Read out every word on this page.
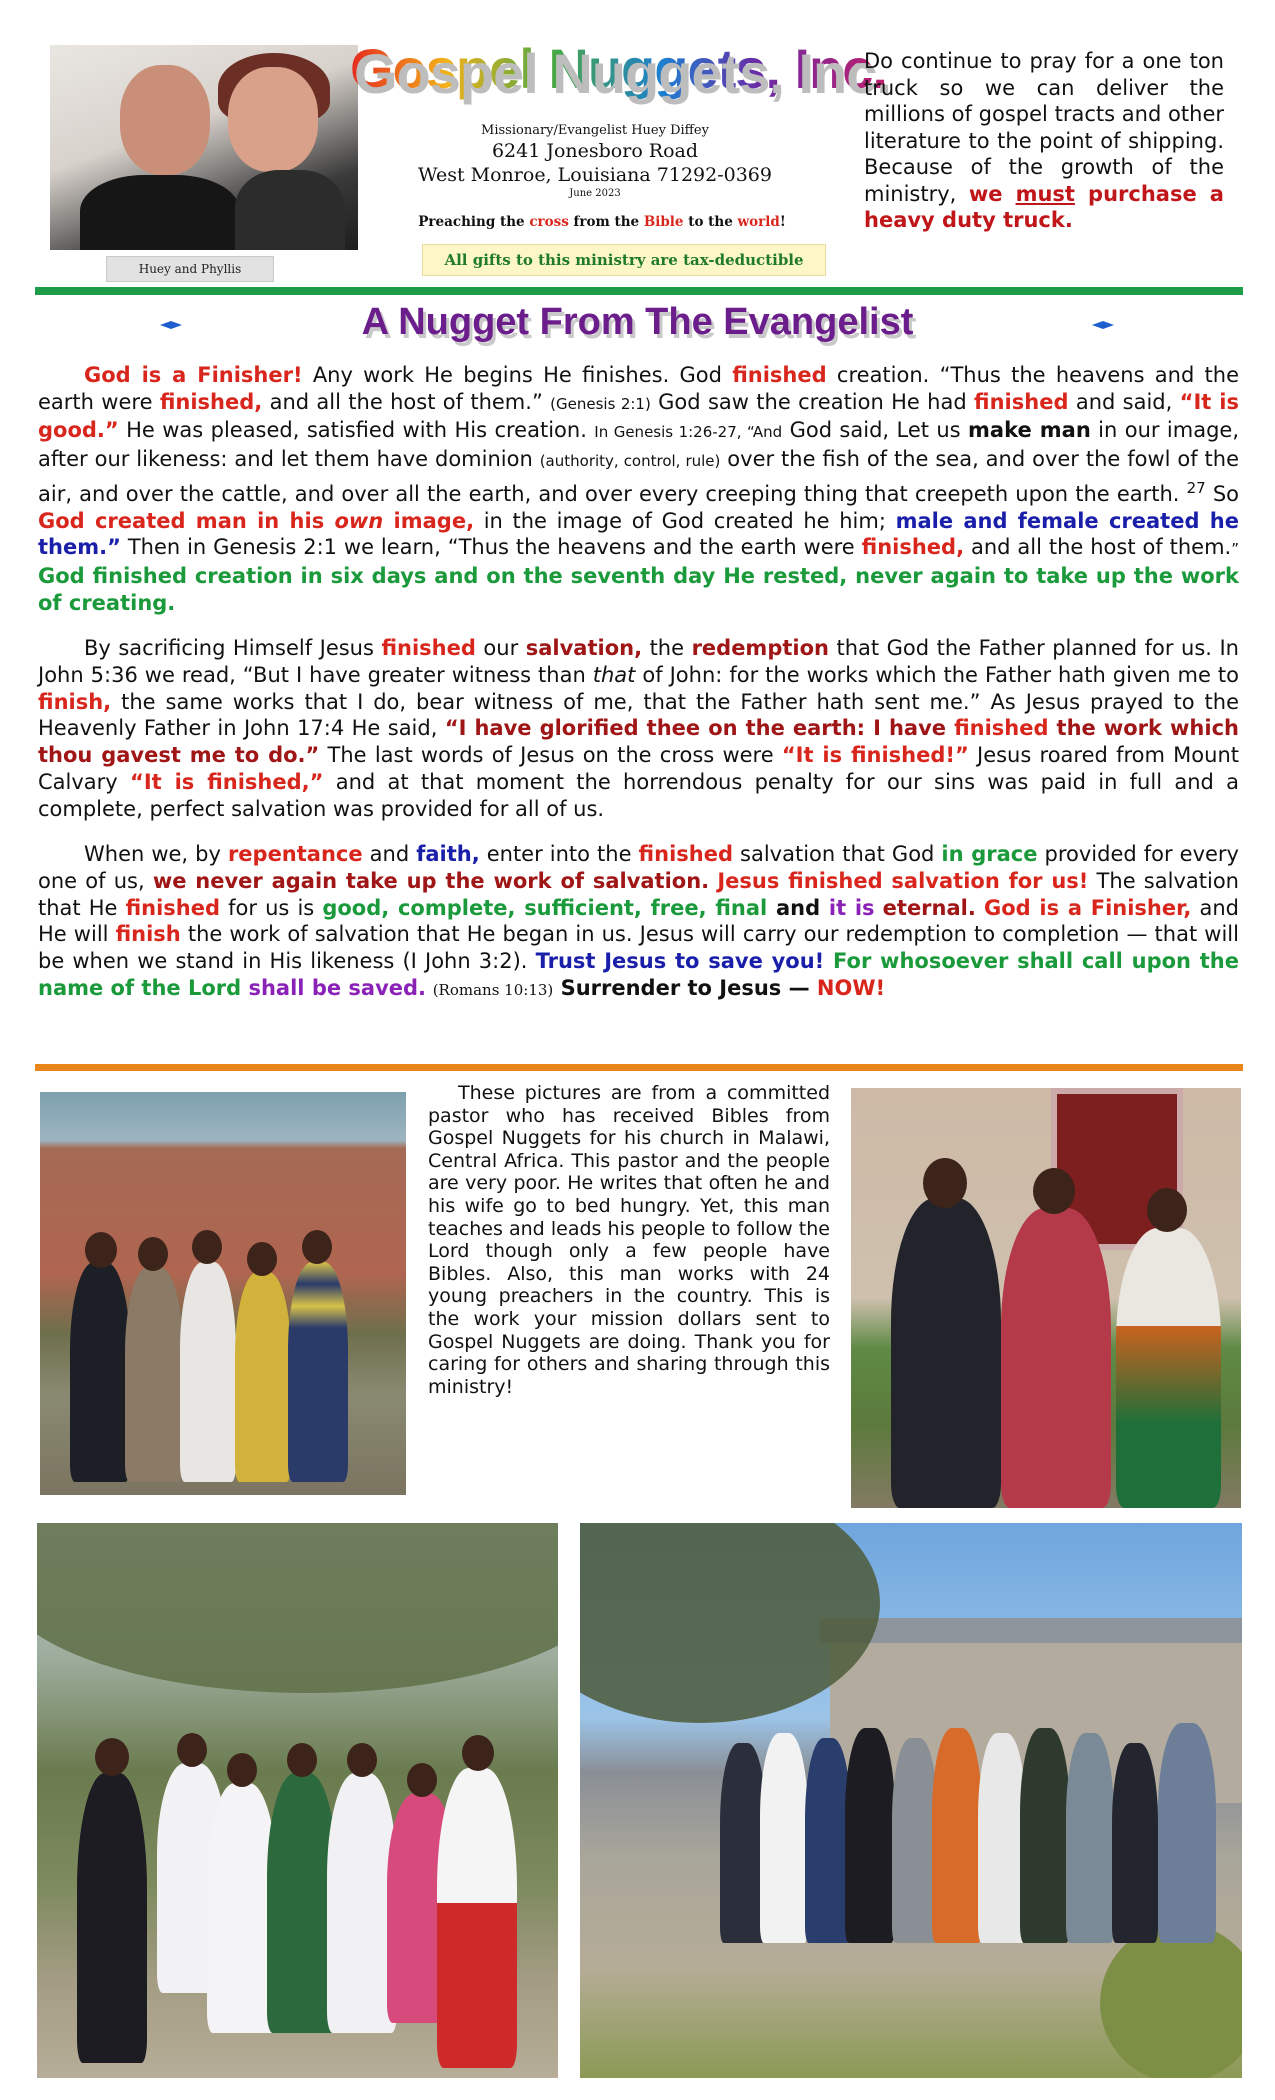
Huey and Phyllis
Gospel Nuggets, Inc.
Missionary/Evangelist Huey Diffey
6241 Jonesboro Road
West Monroe, Louisiana 71292-0369
June 2023
Preaching the cross from the Bible to the world!
All gifts to this ministry are tax-deductible
Do continue to pray for a one ton truck so we can deliver the millions of gospel tracts and other literature to the point of shipping. Because of the growth of the ministry, we must purchase a heavy duty truck.
A Nugget From The Evangelist

God is a Finisher! Any work He begins He finishes. God finished creation. “Thus the heavens and the earth were finished, and all the host of them.” (Genesis 2:1) God saw the creation He had finished and said, “It is good.” He was pleased, satisfied with His creation. In Genesis 1:26-27, “And God said, Let us make man in our image, after our likeness: and let them have dominion (authority, control, rule) over the fish of the sea, and over the fowl of the air, and over the cattle, and over all the earth, and over every creeping thing that creepeth upon the earth. $^{27}$ So God created man in his own image, in the image of God created he him; male and female created he them.” Then in Genesis 2:1 we learn, “Thus the heavens and the earth were finished, and all the host of them.” God finished creation in six days and on the seventh day He rested, never again to take up the work of creating.

By sacrificing Himself Jesus finished our salvation, the redemption that God the Father planned for us. In John 5:36 we read, “But I have greater witness than that of John: for the works which the Father hath given me to finish, the same works that I do, bear witness of me, that the Father hath sent me.” As Jesus prayed to the Heavenly Father in John 17:4 He said, “I have glorified thee on the earth: I have finished the work which thou gavest me to do.” The last words of Jesus on the cross were “It is finished!” Jesus roared from Mount Calvary “It is finished,” and at that moment the horrendous penalty for our sins was paid in full and a complete, perfect salvation was provided for all of us.

When we, by repentance and faith, enter into the finished salvation that God in grace provided for every one of us, we never again take up the work of salvation. Jesus finished salvation for us! The salvation that He finished for us is good, complete, sufficient, free, final and it is eternal. God is a Finisher, and He will finish the work of salvation that He began in us. Jesus will carry our redemption to completion — that will be when we stand in His likeness (I John 3:2). Trust Jesus to save you! For whosoever shall call upon the name of the Lord shall be saved. (Romans 10:13) Surrender to Jesus — NOW!

These pictures are from a committed pastor who has received Bibles from Gospel Nuggets for his church in Malawi, Central Africa. This pastor and the people are very poor. He writes that often he and his wife go to bed hungry. Yet, this man teaches and leads his people to follow the Lord though only a few people have Bibles. Also, this man works with 24 young preachers in the country. This is the work your mission dollars sent to Gospel Nuggets are doing. Thank you for caring for others and sharing through this ministry!
